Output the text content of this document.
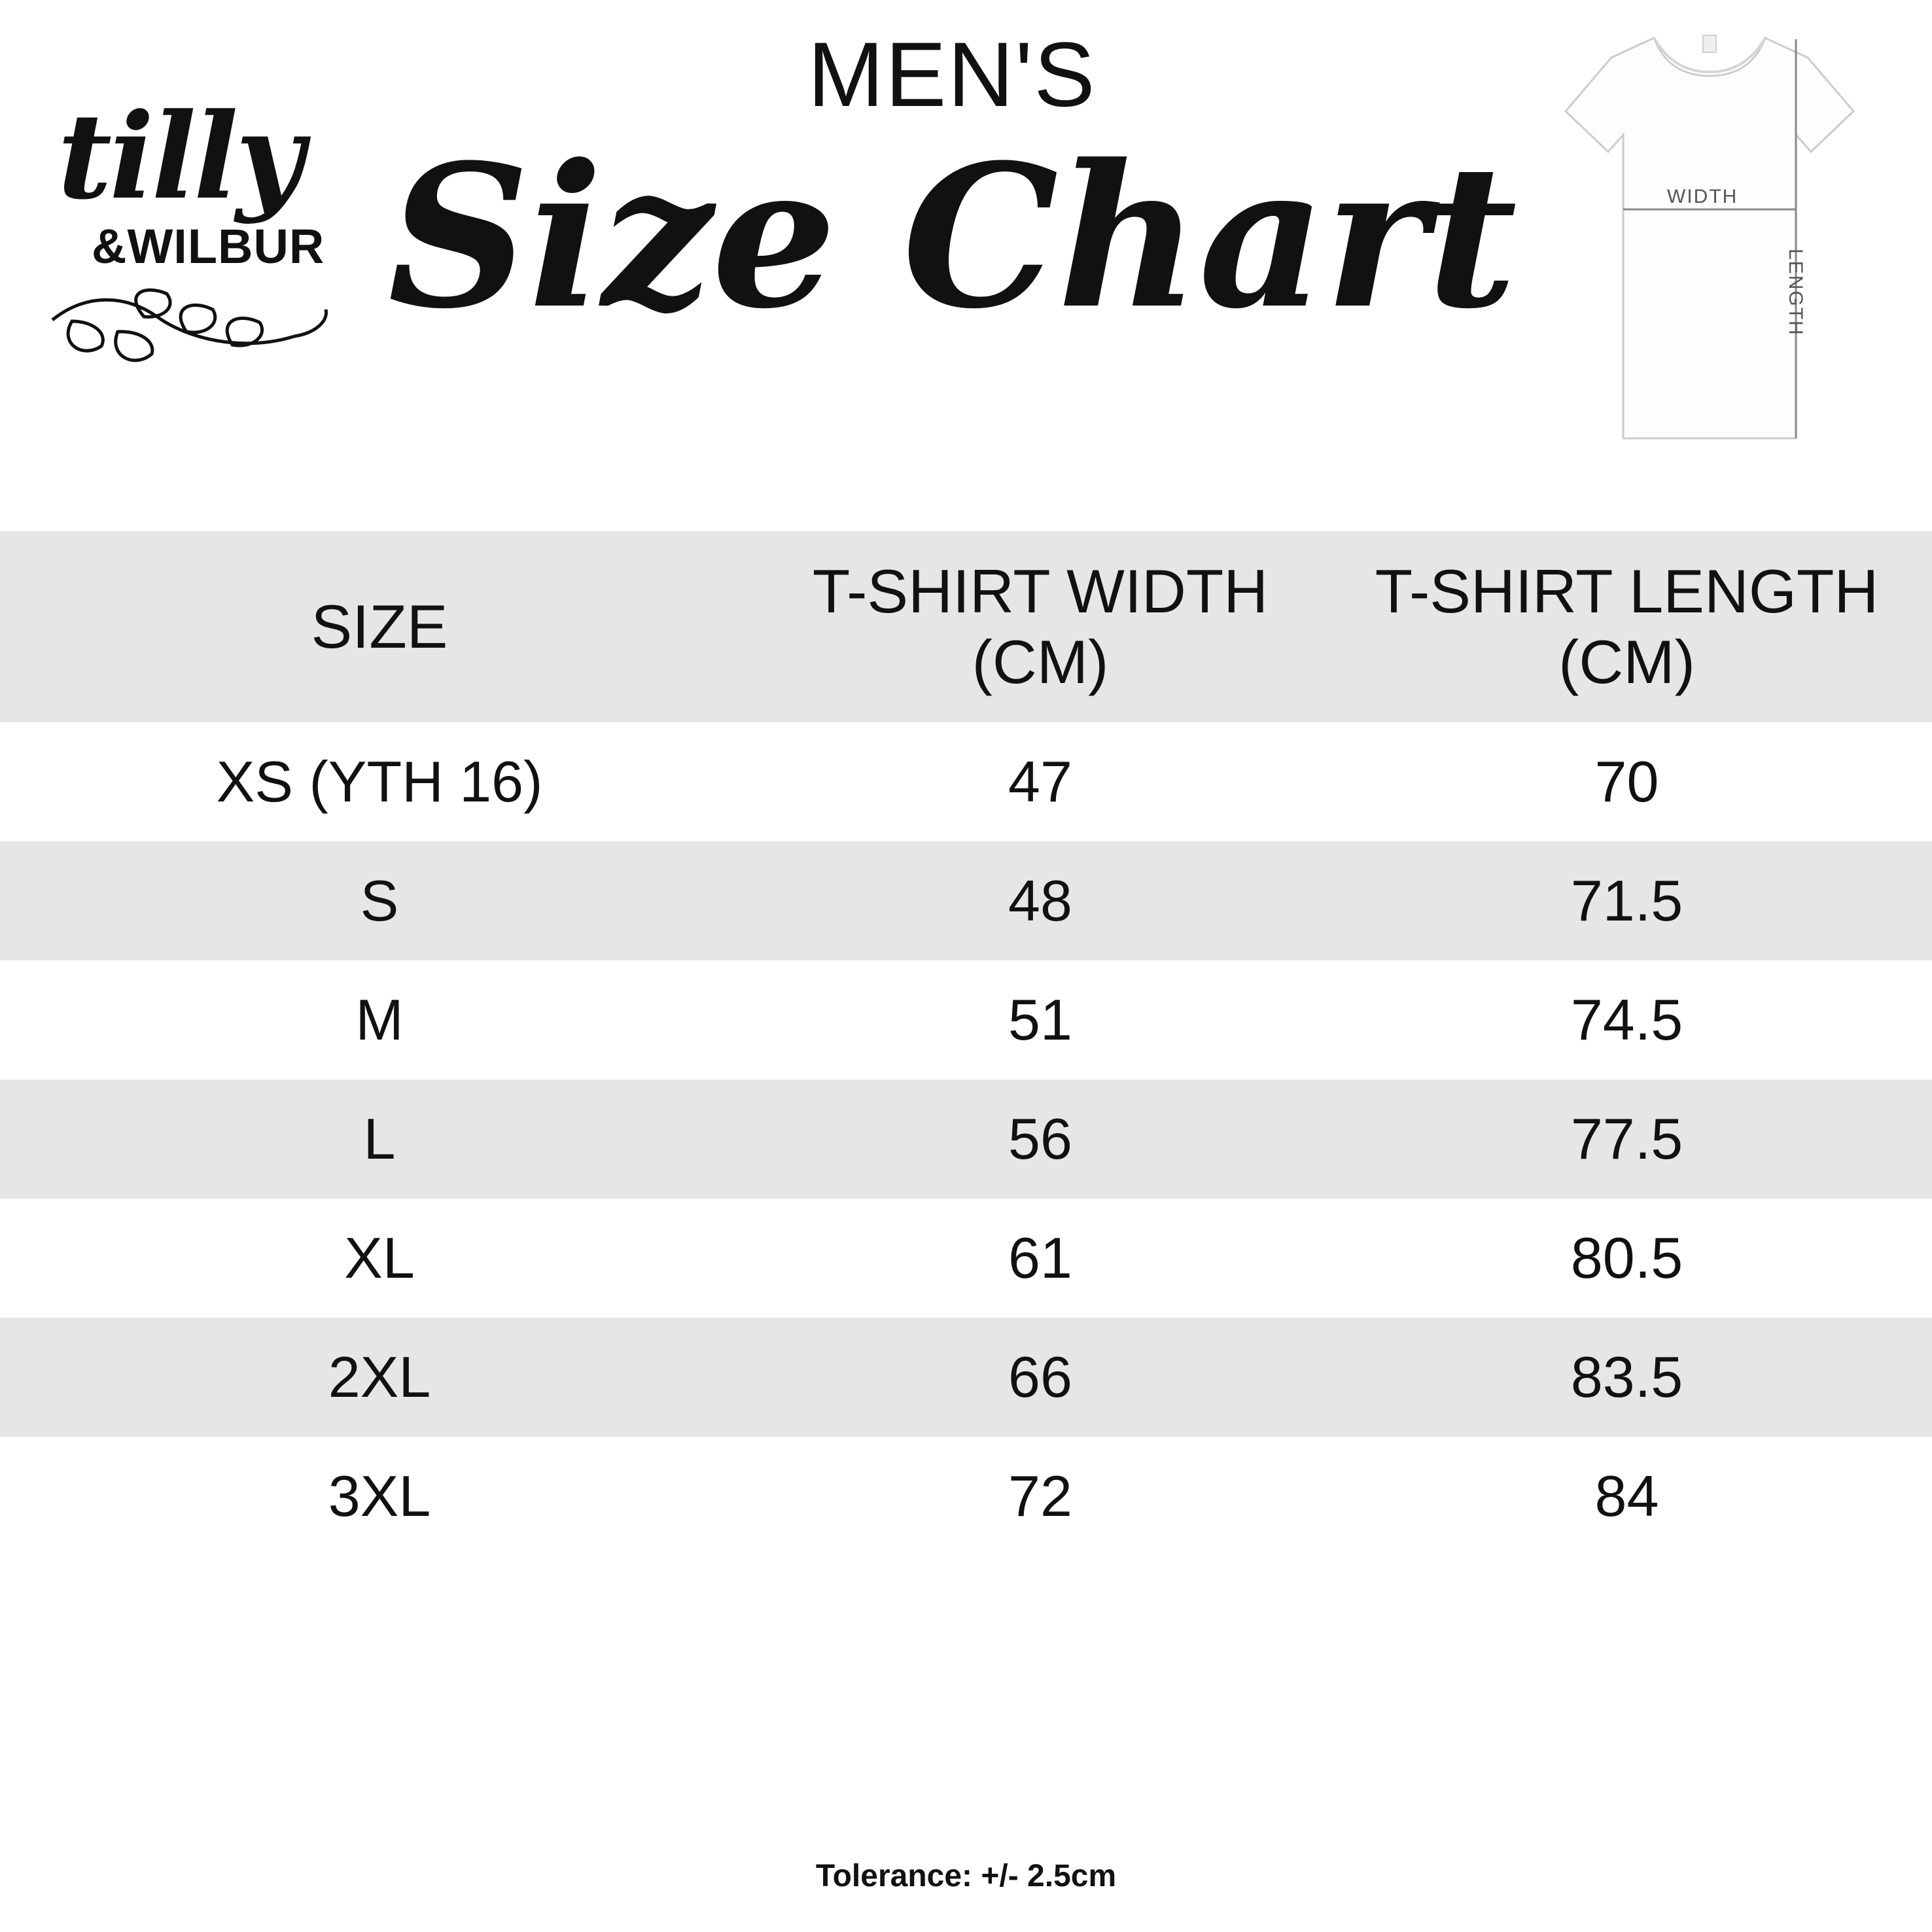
tilly
&WILBUR
MEN'S
Size Chart	WIDTH
LENGTH
SIZE	T-SHIRT WIDTH (CM)	T-SHIRT LENGTH (CM)
XS (YTH 16)	47	70
S	48	71.5
M	51	74.5
L	56	77.5
XL	61	80.5
2XL	66	83.5
3XL	72	84
Tolerance: +/- 2.5cm
